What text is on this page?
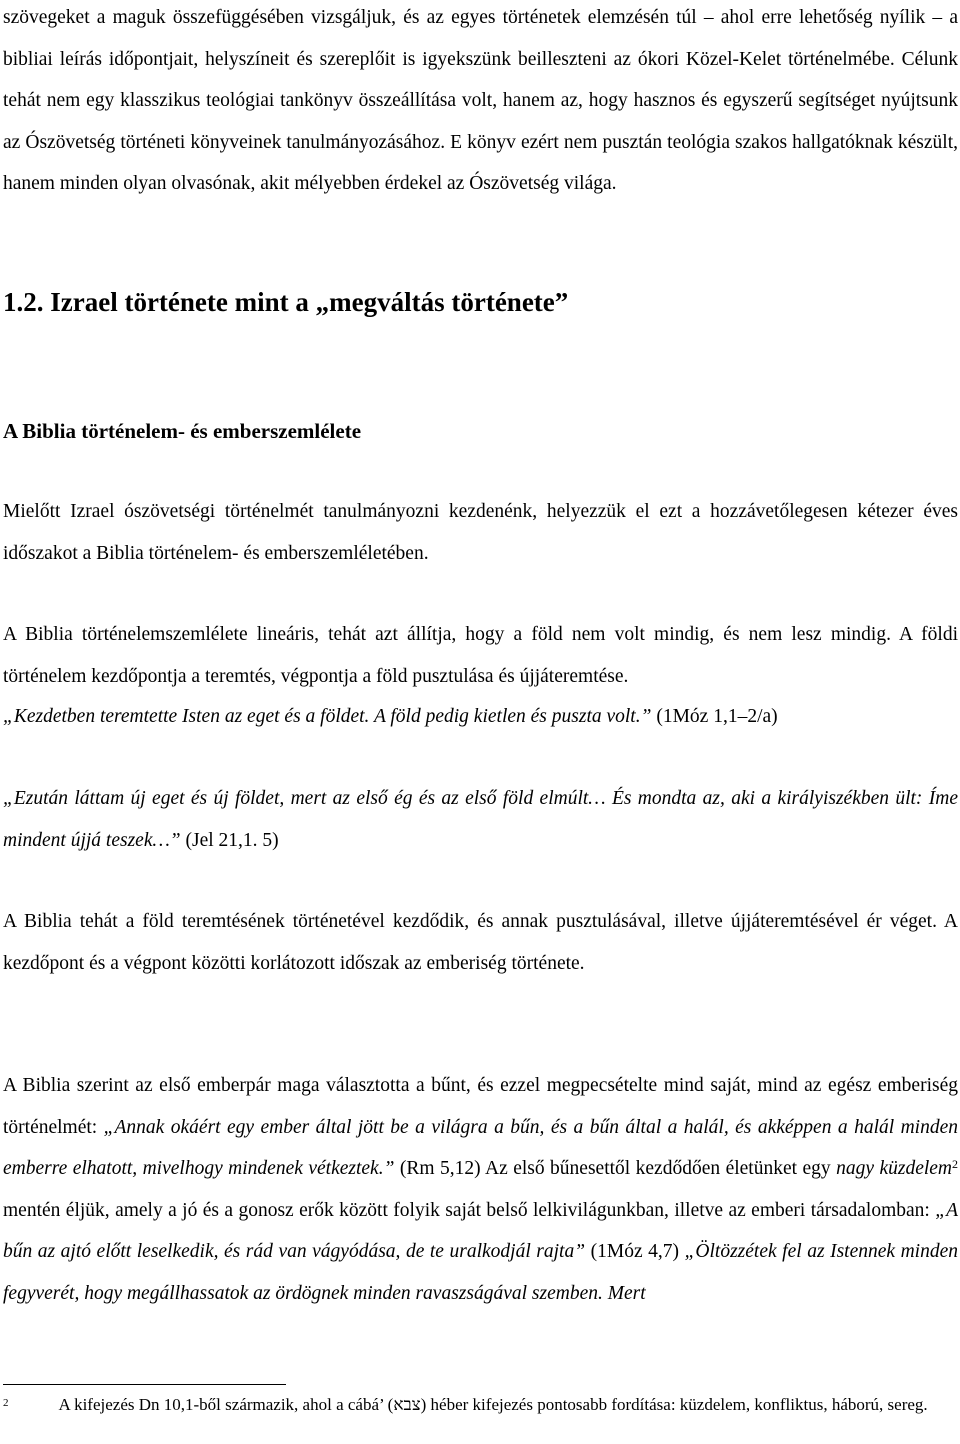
szövegeket a maguk összefüggésében vizsgáljuk, és az egyes történetek elemzésén túl – ahol erre lehetőség nyílik – a bibliai leírás időpontjait, helyszíneit és szereplőit is igyekszünk beilleszteni az ókori Közel-Kelet történelmébe. Célunk tehát nem egy klasszikus teológiai tankönyv összeállítása volt, hanem az, hogy hasznos és egyszerű segítséget nyújtsunk az Ószövetség történeti könyveinek tanulmányozásához. E könyv ezért nem pusztán teológia szakos hallgatóknak készült, hanem minden olyan olvasónak, akit mélyebben érdekel az Ószövetség világa.

1.2. Izrael története mint a „megváltás története”
A Biblia történelem- és emberszemlélete

Mielőtt Izrael ószövetségi történelmét tanulmányozni kezdenénk, helyezzük el ezt a hozzávetőlegesen kétezer éves időszakot a Biblia történelem- és emberszemléletében.

A Biblia történelemszemlélete lineáris, tehát azt állítja, hogy a föld nem volt mindig, és nem lesz mindig. A földi történelem kezdőpontja a teremtés, végpontja a föld pusztulása és újjáteremtése.

„Kezdetben teremtette Isten az eget és a földet. A föld pedig kietlen és puszta volt.” (1Móz 1,1–2/a)

„Ezután láttam új eget és új földet, mert az első ég és az első föld elmúlt… És mondta az, aki a királyiszékben ült: Íme mindent újjá teszek…” (Jel 21,1. 5)

A Biblia tehát a föld teremtésének történetével kezdődik, és annak pusztulásával, illetve újjáteremtésével ér véget. A kezdőpont és a végpont közötti korlátozott időszak az emberiség története.

A Biblia szerint az első emberpár maga választotta a bűnt, és ezzel megpecsételte mind saját, mind az egész emberiség történelmét: „Annak okáért egy ember által jött be a világra a bűn, és a bűn által a halál, és akképpen a halál minden emberre elhatott, mivelhogy mindenek vétkeztek.” (Rm 5,12) Az első bűnesettől kezdődően életünket egy nagy küzdelem$^2$ mentén éljük, amely a jó és a gonosz erők között folyik saját belső lelkivilágunkban, illetve az emberi társadalomban: „A bűn az ajtó előtt leselkedik, és rád van vágyódása, de te uralkodjál rajta” (1Móz 4,7) „Öltözzétek fel az Istennek minden fegyverét, hogy megállhassatok az ördögnek minden ravaszságával szemben. Mert

$^2$	A kifejezés Dn 10,1-ből származik, ahol a cábá’ (צבא) héber kifejezés pontosabb fordítása: küzdelem, konfliktus, háború, sereg.
